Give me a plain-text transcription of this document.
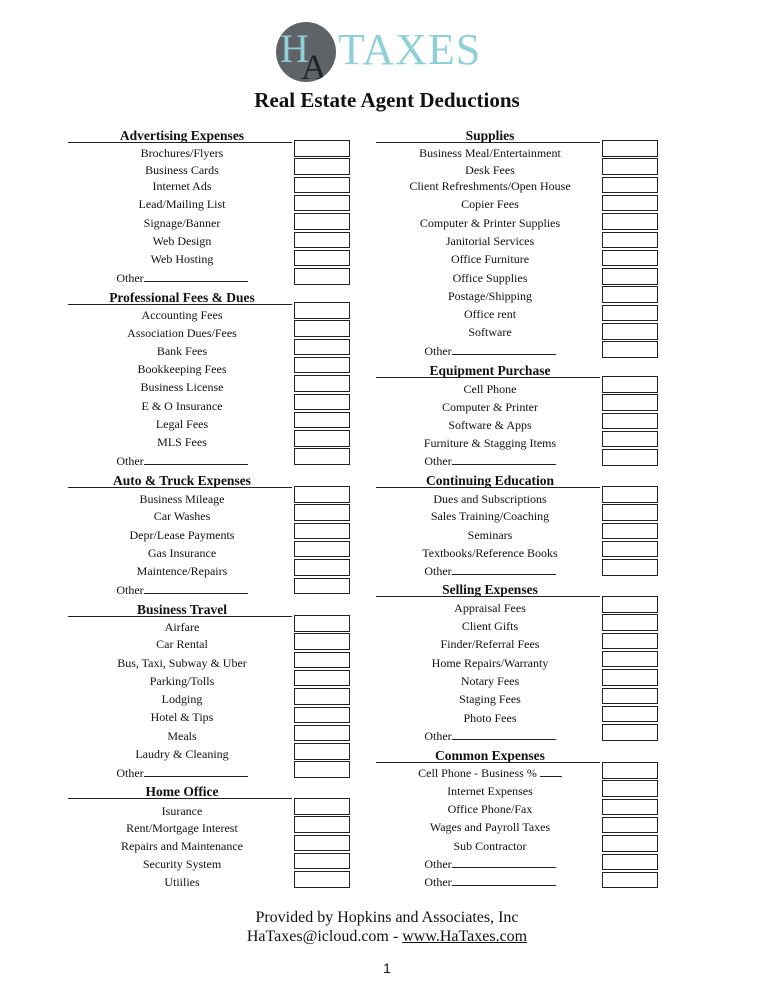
H
A TAXES
Real Estate Agent Deductions
Advertising Expenses
Brochures/Flyers
Business Cards
Internet Ads
Lead/Mailing List
Signage/Banner
Web Design
Web Hosting
Other
Professional Fees & Dues
Accounting Fees
Association Dues/Fees
Bank Fees
Bookkeeping Fees
Business License
E & O Insurance
Legal Fees
MLS Fees
Other
Auto & Truck Expenses
Business Mileage
Car Washes
Depr/Lease Payments
Gas Insurance
Maintence/Repairs
Other
Business Travel
Airfare
Car Rental
Bus, Taxi, Subway & Uber
Parking/Tolls
Lodging
Hotel & Tips
Meals
Laudry & Cleaning
Other
Home Office
Isurance
Rent/Mortgage Interest
Repairs and Maintenance
Security System
Utiilies
Supplies
Business Meal/Entertainment
Desk Fees
Client Refreshments/Open House
Copier Fees
Computer & Printer Supplies
Janitorial Services
Office Furniture
Office Supplies
Postage/Shipping
Office rent
Software
Other
Equipment Purchase
Cell Phone
Computer & Printer
Software & Apps
Furniture & Stagging Items
Other
Continuing Education
Dues and Subscriptions
Sales Training/Coaching
Seminars
Textbooks/Reference Books
Other
Selling Expenses
Appraisal Fees
Client Gifts
Finder/Referral Fees
Home Repairs/Warranty
Notary Fees
Staging Fees
Photo Fees
Other
Common Expenses
Cell Phone - Business %
Internet Expenses
Office Phone/Fax
Wages and Payroll Taxes
Sub Contractor
Other
Other
Provided by Hopkins and Associates, Inc
HaTaxes@icloud.com - www.HaTaxes.com
1
